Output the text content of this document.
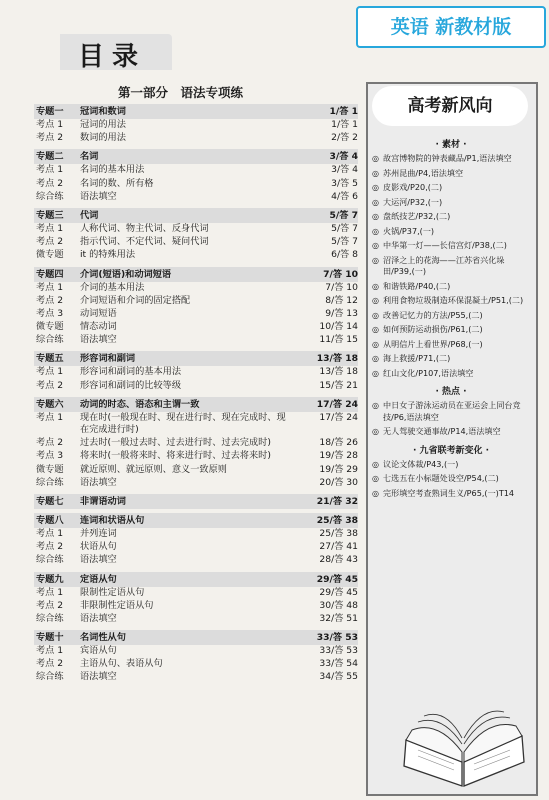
目录
英语 新教材版
第一部分　语法专项练
专题一	冠词和数词	1/答 1
考点 1	冠词的用法	1/答 1
考点 2	数词的用法	2/答 2
专题二	名词	3/答 4
考点 1	名词的基本用法	3/答 4
考点 2	名词的数、所有格	3/答 5
综合练	语法填空	4/答 6
专题三	代词	5/答 7
考点 1	人称代词、物主代词、反身代词	5/答 7
考点 2	指示代词、不定代词、疑问代词	5/答 7
微专题	it 的特殊用法	6/答 8
专题四	介词(短语)和动词短语	7/答 10
考点 1	介词的基本用法	7/答 10
考点 2	介词短语和介词的固定搭配	8/答 12
考点 3	动词短语	9/答 13
微专题	情态动词	10/答 14
综合练	语法填空	11/答 15
专题五	形容词和副词	13/答 18
考点 1	形容词和副词的基本用法	13/答 18
考点 2	形容词和副词的比较等级	15/答 21
专题六	动词的时态、语态和主谓一致	17/答 24
考点 1	现在时(一般现在时、现在进行时、现在完成时、现在完成进行时)
17/答 24
考点 2	过去时(一般过去时、过去进行时、过去完成时)	18/答 26
考点 3	将来时(一般将来时、将来进行时、过去将来时)	19/答 28
微专题	就近原则、就远原则、意义一致原则	19/答 29
综合练	语法填空	20/答 30
专题七	非谓语动词	21/答 32
专题八	连词和状语从句	25/答 38
考点 1	并列连词	25/答 38
考点 2	状语从句	27/答 41
综合练	语法填空	28/答 43
专题九	定语从句	29/答 45
考点 1	限制性定语从句	29/答 45
考点 2	非限制性定语从句	30/答 48
综合练	语法填空	32/答 51
专题十	名词性从句	33/答 53
考点 1	宾语从句	33/答 53
考点 2	主语从句、表语从句	33/答 54
综合练	语法填空	34/答 55
高考新风向
· 素材 ·
◎ 故宫博物院的钟表藏品/P1,语法填空
◎ 苏州昆曲/P4,语法填空
◎ 皮影戏/P20,(二)
◎ 大运河/P32,(一)
◎ 盘纸技艺/P32,(二)
◎ 火锅/P37,(一)
◎ 中华第一灯——长信宫灯/P38,(二)
◎ 沼泽之上的花海——江苏省兴化垛田/P39,(一)
◎ 和谐铁路/P40,(二)
◎ 利用食物垃圾制造环保混凝土/P51,(二)
◎ 改善记忆力的方法/P55,(二)
◎ 如何预防运动损伤/P61,(二)
◎ 从明信片上看世界/P68,(一)
◎ 海上救援/P71,(二)
◎ 红山文化/P107,语法填空
· 热点 ·
◎ 中日女子游泳运动员在亚运会上同台竞技/P6,语法填空
◎ 无人驾驶交通事故/P14,语法填空
· 九省联考新变化 ·
◎ 议论文体裁/P43,(一)
◎ 七选五在小标题处设空/P54,(二)
◎ 完形填空考查熟词生义/P65,(一)T14
